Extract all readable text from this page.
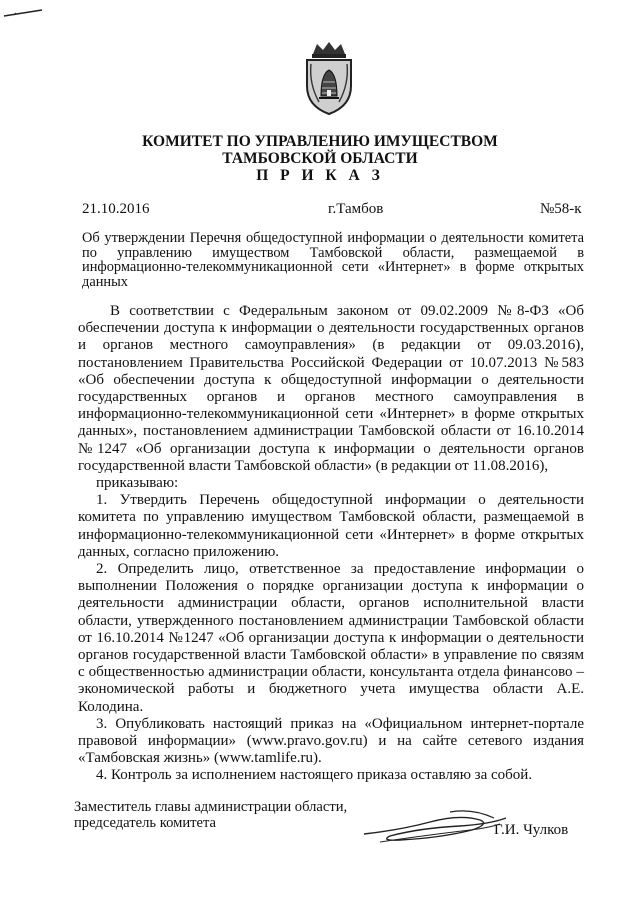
КОМИТЕТ ПО УПРАВЛЕНИЮ ИМУЩЕСТВОМ
ТАМБОВСКОЙ ОБЛАСТИ
П Р И К А З
21.10.2016	г.Тамбов	№58-к
Об утверждении Перечня общедоступной информации о деятельности комитета по управлению имуществом Тамбовской области, размещаемой в информационно-телекоммуникационной сети «Интернет» в форме открытых данных

В соответствии с Федеральным законом от 09.02.2009 №8-ФЗ «Об обеспечении доступа к информации о деятельности государственных органов и органов местного самоуправления» (в редакции от 09.03.2016), постановлением Правительства Российской Федерации от 10.07.2013 №583 «Об обеспечении доступа к общедоступной информации о деятельности государственных органов и органов местного самоуправления в информационно-телекоммуникационной сети «Интернет» в форме открытых данных», постановлением администрации Тамбовской области от 16.10.2014 №1247 «Об организации доступа к информации о деятельности органов государственной власти Тамбовской области» (в редакции от 11.08.2016),

приказываю:

1. Утвердить Перечень общедоступной информации о деятельности комитета по управлению имуществом Тамбовской области, размещаемой в информационно-телекоммуникационной сети «Интернет» в форме открытых данных, согласно приложению.

2. Определить лицо, ответственное за предоставление информации о выполнении Положения о порядке организации доступа к информации о деятельности администрации области, органов исполнительной власти области, утвержденного постановлением администрации Тамбовской области от 16.10.2014 №1247 «Об организации доступа к информации о деятельности органов государственной власти Тамбовской области» в управление по связям с общественностью администрации области, консультанта отдела финансово – экономической работы и бюджетного учета имущества области А.Е. Колодина.

3. Опубликовать настоящий приказ на «Официальном интернет-портале правовой информации» (www.pravo.gov.ru) и на сайте сетевого издания «Тамбовская жизнь» (www.tamlife.ru).

4. Контроль за исполнением настоящего приказа оставляю за собой.

Заместитель главы администрации области,
председатель комитета	Г.И. Чулков
